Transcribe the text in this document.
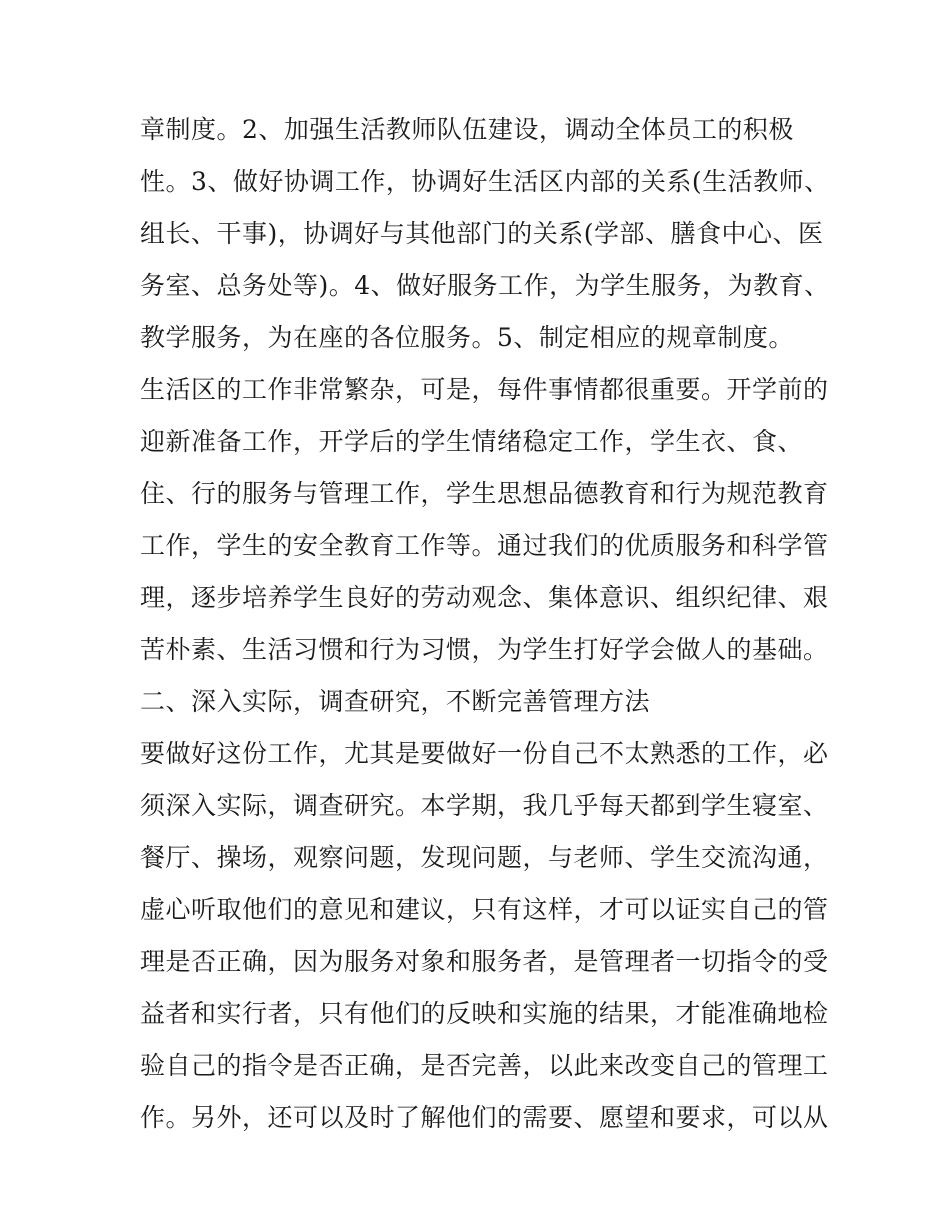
章制度。2、加强生活教师队伍建设，调动全体员工的积极
性。3、做好协调工作，协调好生活区内部的关系(生活教师、
组长、干事)，协调好与其他部门的关系(学部、膳食中心、医
务室、总务处等)。4、做好服务工作，为学生服务，为教育、
教学服务，为在座的各位服务。5、制定相应的规章制度。
生活区的工作非常繁杂，可是，每件事情都很重要。开学前的
迎新准备工作，开学后的学生情绪稳定工作，学生衣、食、
住、行的服务与管理工作，学生思想品德教育和行为规范教育
工作，学生的安全教育工作等。通过我们的优质服务和科学管
理，逐步培养学生良好的劳动观念、集体意识、组织纪律、艰
苦朴素、生活习惯和行为习惯，为学生打好学会做人的基础。
二、深入实际，调查研究，不断完善管理方法
要做好这份工作，尤其是要做好一份自己不太熟悉的工作，必
须深入实际，调查研究。本学期，我几乎每天都到学生寝室、
餐厅、操场，观察问题，发现问题，与老师、学生交流沟通，
虚心听取他们的意见和建议，只有这样，才可以证实自己的管
理是否正确，因为服务对象和服务者，是管理者一切指令的受
益者和实行者，只有他们的反映和实施的结果，才能准确地检
验自己的指令是否正确，是否完善，以此来改变自己的管理工
作。另外，还可以及时了解他们的需要、愿望和要求，可以从
